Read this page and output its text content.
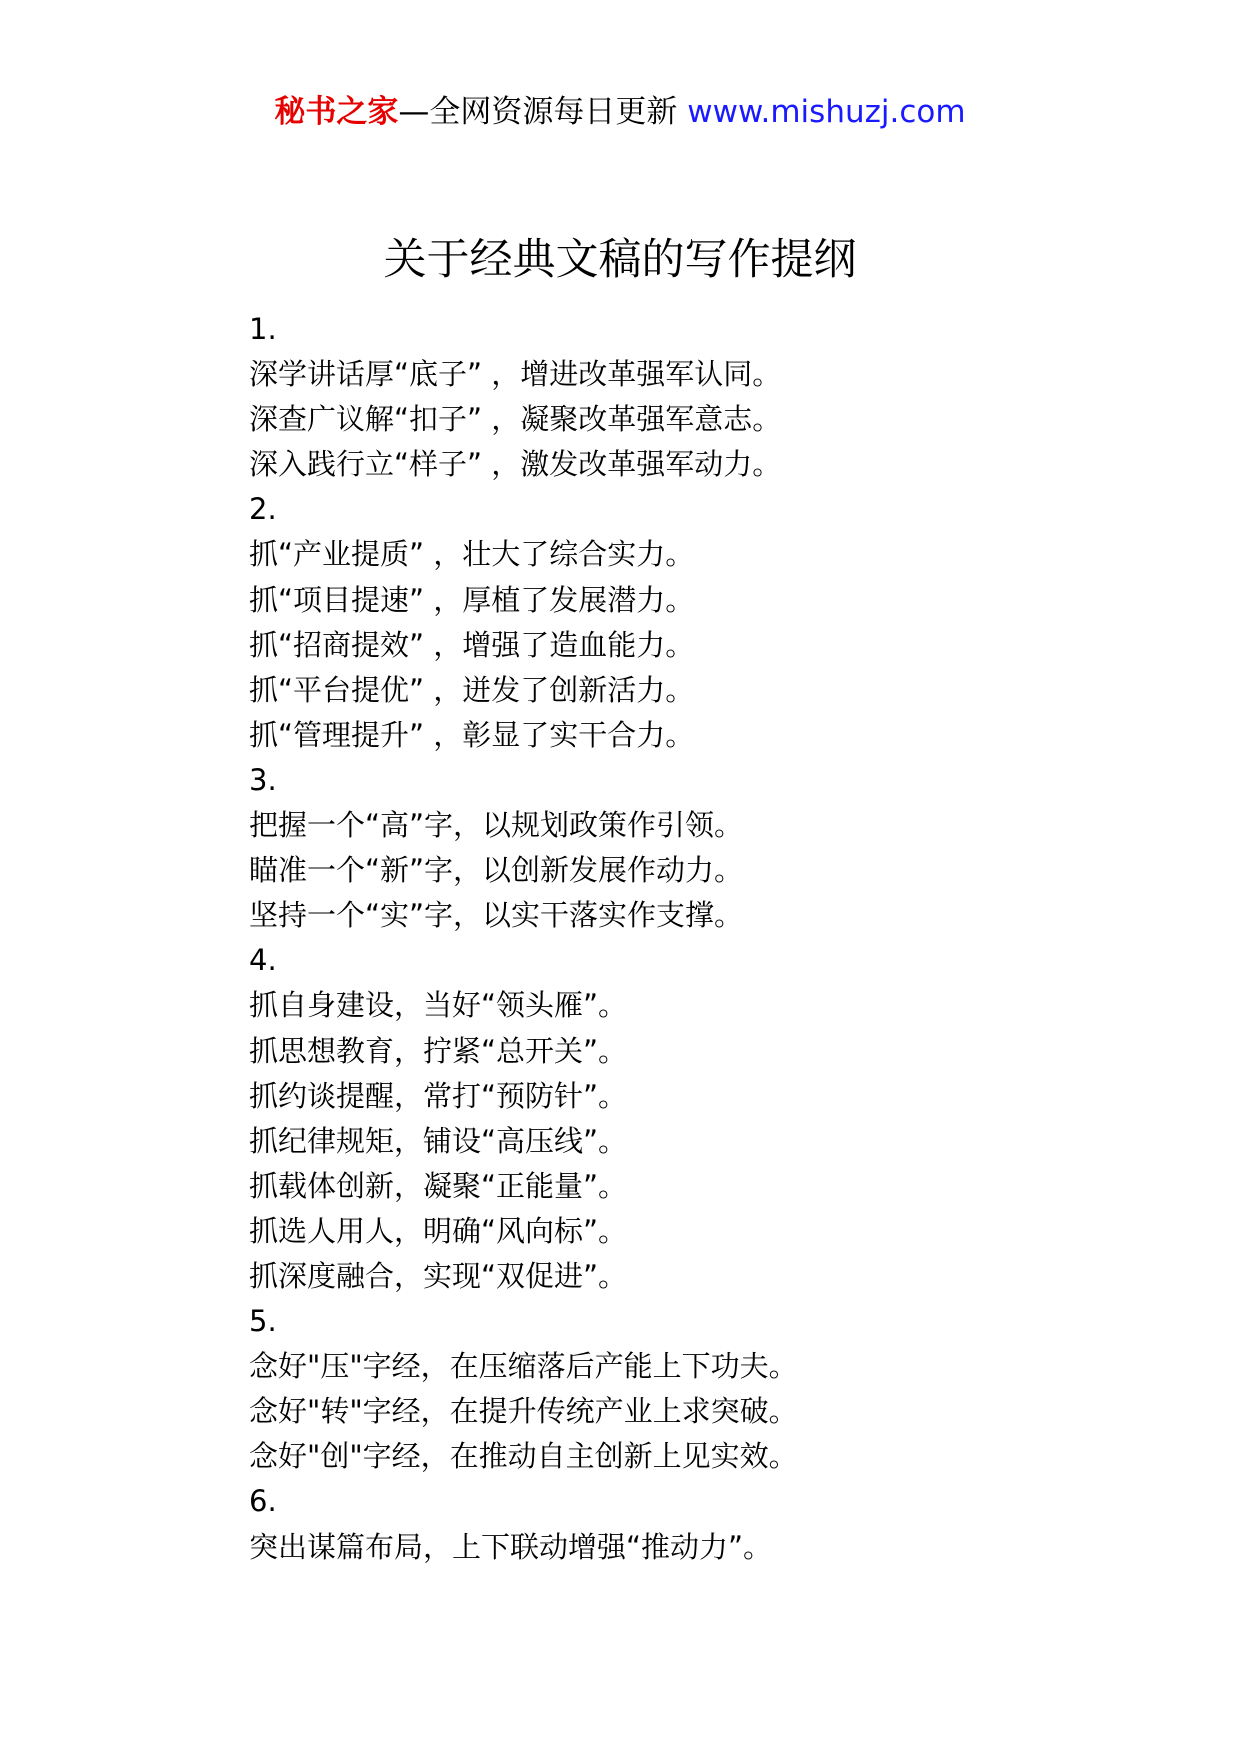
秘书之家—全网资源每日更新 www.mishuzj.com
关于经典文稿的写作提纲
1.
深学讲话厚“底子” ，增进改革强军认同。
深查广议解“扣子” ，凝聚改革强军意志。
深入践行立“样子” ，激发改革强军动力。
2.
抓“产业提质” ，壮大了综合实力。
抓“项目提速” ，厚植了发展潜力。
抓“招商提效” ，增强了造血能力。
抓“平台提优” ，迸发了创新活力。
抓“管理提升” ，彰显了实干合力。
3.
把握一个“高”字，以规划政策作引领。
瞄准一个“新”字，以创新发展作动力。
坚持一个“实”字，以实干落实作支撑。
4.
抓自身建设，当好“领头雁”。
抓思想教育，拧紧“总开关”。
抓约谈提醒，常打“预防针”。
抓纪律规矩，铺设“高压线”。
抓载体创新，凝聚“正能量”。
抓选人用人，明确“风向标”。
抓深度融合，实现“双促进”。
5.
念好"压"字经，在压缩落后产能上下功夫。
念好"转"字经，在提升传统产业上求突破。
念好"创"字经，在推动自主创新上见实效。
6.
突出谋篇布局，上下联动增强“推动力”。
